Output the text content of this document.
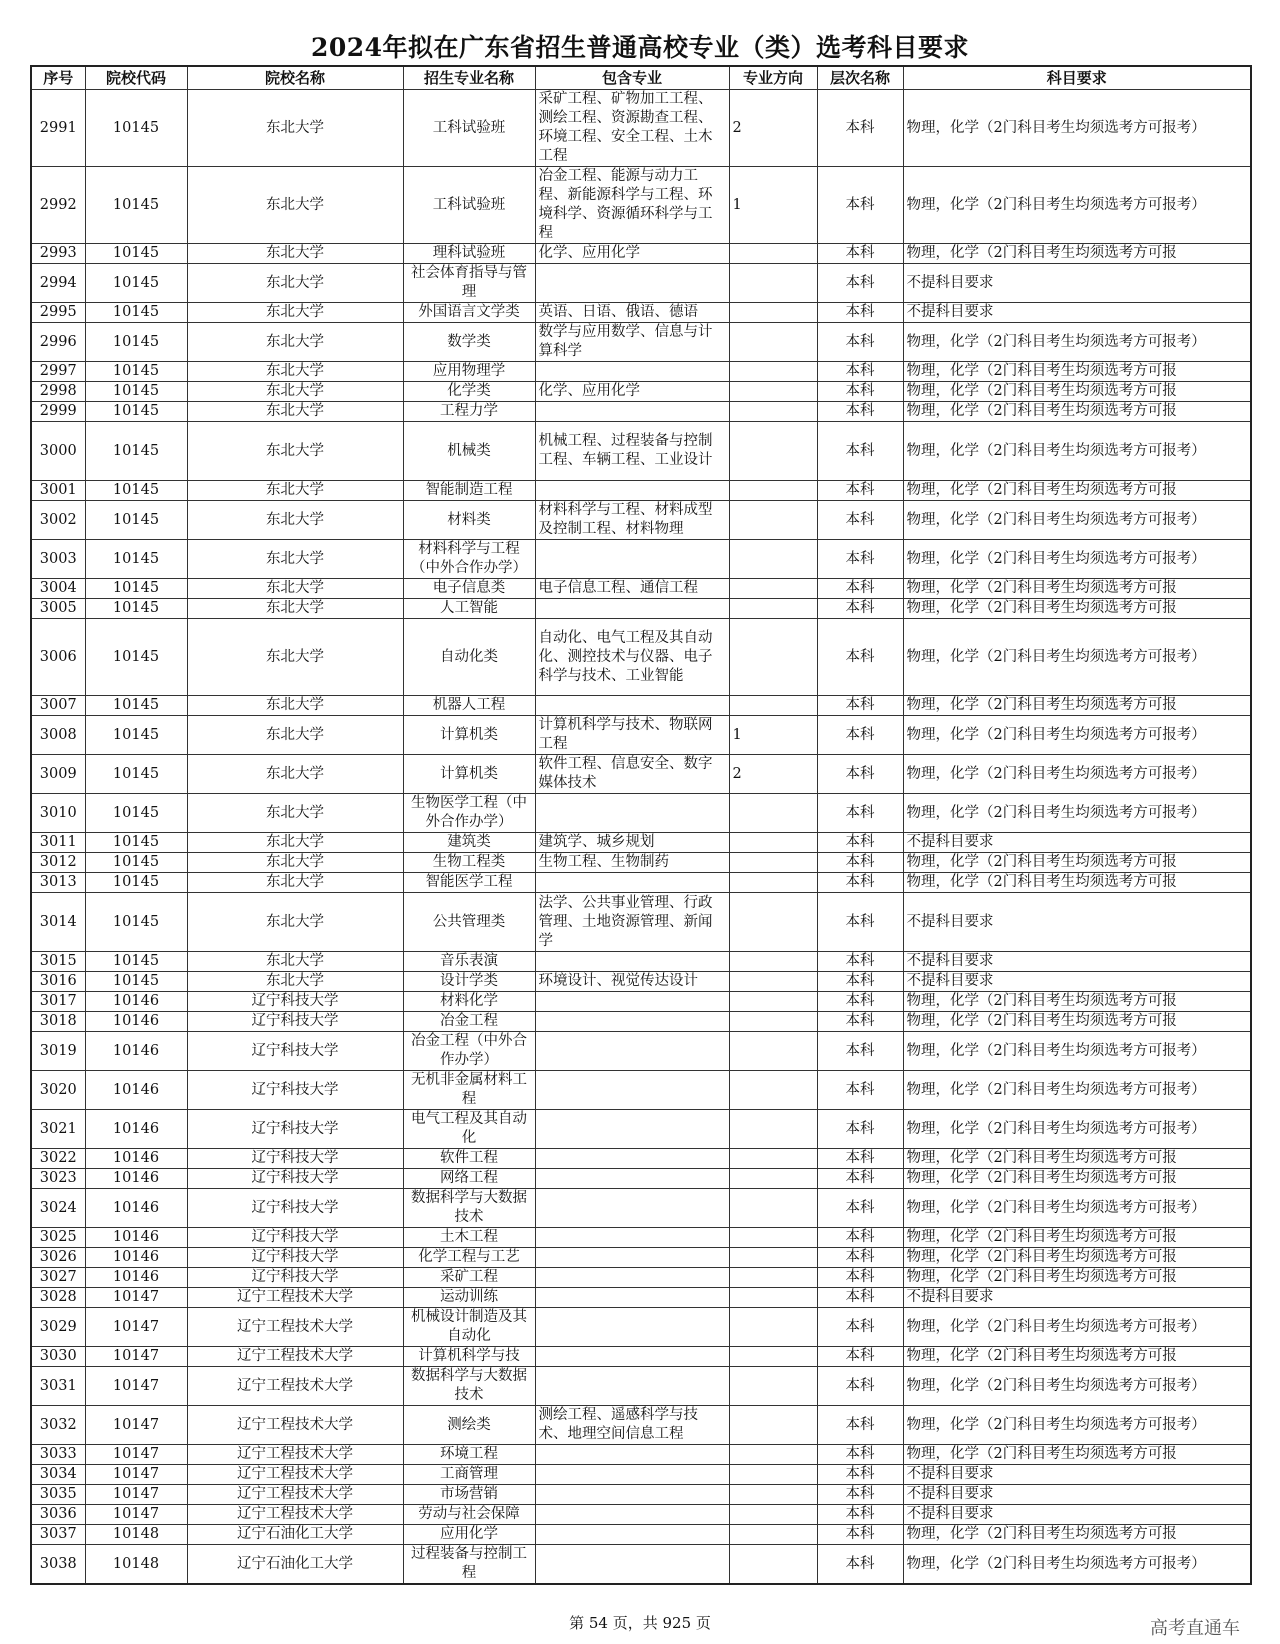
2024年拟在广东省招生普通高校专业（类）选考科目要求
序号	院校代码	院校名称	招生专业名称	包含专业	专业方向	层次名称	科目要求
2991	10145	东北大学	工科试验班	采矿工程、矿物加工工程、测绘工程、资源勘查工程、环境工程、安全工程、土木工程	2	本科	物理，化学（2门科目考生均须选考方可报考）
2992	10145	东北大学	工科试验班	冶金工程、能源与动力工程、新能源科学与工程、环境科学、资源循环科学与工程	1	本科	物理，化学（2门科目考生均须选考方可报考）
2993	10145	东北大学	理科试验班	化学、应用化学		本科	物理，化学（2门科目考生均须选考方可报
2994	10145	东北大学	社会体育指导与管理			本科	不提科目要求
2995	10145	东北大学	外国语言文学类	英语、日语、俄语、德语		本科	不提科目要求
2996	10145	东北大学	数学类	数学与应用数学、信息与计算科学		本科	物理，化学（2门科目考生均须选考方可报考）
2997	10145	东北大学	应用物理学			本科	物理，化学（2门科目考生均须选考方可报
2998	10145	东北大学	化学类	化学、应用化学		本科	物理，化学（2门科目考生均须选考方可报
2999	10145	东北大学	工程力学			本科	物理，化学（2门科目考生均须选考方可报
3000	10145	东北大学	机械类	机械工程、过程装备与控制工程、车辆工程、工业设计		本科	物理，化学（2门科目考生均须选考方可报考）
3001	10145	东北大学	智能制造工程			本科	物理，化学（2门科目考生均须选考方可报
3002	10145	东北大学	材料类	材料科学与工程、材料成型及控制工程、材料物理		本科	物理，化学（2门科目考生均须选考方可报考）
3003	10145	东北大学	材料科学与工程（中外合作办学）			本科	物理，化学（2门科目考生均须选考方可报考）
3004	10145	东北大学	电子信息类	电子信息工程、通信工程		本科	物理，化学（2门科目考生均须选考方可报
3005	10145	东北大学	人工智能			本科	物理，化学（2门科目考生均须选考方可报
3006	10145	东北大学	自动化类	自动化、电气工程及其自动化、测控技术与仪器、电子科学与技术、工业智能		本科	物理，化学（2门科目考生均须选考方可报考）
3007	10145	东北大学	机器人工程			本科	物理，化学（2门科目考生均须选考方可报
3008	10145	东北大学	计算机类	计算机科学与技术、物联网工程	1	本科	物理，化学（2门科目考生均须选考方可报考）
3009	10145	东北大学	计算机类	软件工程、信息安全、数字媒体技术	2	本科	物理，化学（2门科目考生均须选考方可报考）
3010	10145	东北大学	生物医学工程（中外合作办学）			本科	物理，化学（2门科目考生均须选考方可报考）
3011	10145	东北大学	建筑类	建筑学、城乡规划		本科	不提科目要求
3012	10145	东北大学	生物工程类	生物工程、生物制药		本科	物理，化学（2门科目考生均须选考方可报
3013	10145	东北大学	智能医学工程			本科	物理，化学（2门科目考生均须选考方可报
3014	10145	东北大学	公共管理类	法学、公共事业管理、行政管理、土地资源管理、新闻学		本科	不提科目要求
3015	10145	东北大学	音乐表演			本科	不提科目要求
3016	10145	东北大学	设计学类	环境设计、视觉传达设计		本科	不提科目要求
3017	10146	辽宁科技大学	材料化学			本科	物理，化学（2门科目考生均须选考方可报
3018	10146	辽宁科技大学	冶金工程			本科	物理，化学（2门科目考生均须选考方可报
3019	10146	辽宁科技大学	冶金工程（中外合作办学）			本科	物理，化学（2门科目考生均须选考方可报考）
3020	10146	辽宁科技大学	无机非金属材料工程			本科	物理，化学（2门科目考生均须选考方可报考）
3021	10146	辽宁科技大学	电气工程及其自动化			本科	物理，化学（2门科目考生均须选考方可报考）
3022	10146	辽宁科技大学	软件工程			本科	物理，化学（2门科目考生均须选考方可报
3023	10146	辽宁科技大学	网络工程			本科	物理，化学（2门科目考生均须选考方可报
3024	10146	辽宁科技大学	数据科学与大数据技术			本科	物理，化学（2门科目考生均须选考方可报考）
3025	10146	辽宁科技大学	土木工程			本科	物理，化学（2门科目考生均须选考方可报
3026	10146	辽宁科技大学	化学工程与工艺			本科	物理，化学（2门科目考生均须选考方可报
3027	10146	辽宁科技大学	采矿工程			本科	物理，化学（2门科目考生均须选考方可报
3028	10147	辽宁工程技术大学	运动训练			本科	不提科目要求
3029	10147	辽宁工程技术大学	机械设计制造及其自动化			本科	物理，化学（2门科目考生均须选考方可报考）
3030	10147	辽宁工程技术大学	计算机科学与技			本科	物理，化学（2门科目考生均须选考方可报
3031	10147	辽宁工程技术大学	数据科学与大数据技术			本科	物理，化学（2门科目考生均须选考方可报考）
3032	10147	辽宁工程技术大学	测绘类	测绘工程、遥感科学与技术、地理空间信息工程		本科	物理，化学（2门科目考生均须选考方可报考）
3033	10147	辽宁工程技术大学	环境工程			本科	物理，化学（2门科目考生均须选考方可报
3034	10147	辽宁工程技术大学	工商管理			本科	不提科目要求
3035	10147	辽宁工程技术大学	市场营销			本科	不提科目要求
3036	10147	辽宁工程技术大学	劳动与社会保障			本科	不提科目要求
3037	10148	辽宁石油化工大学	应用化学			本科	物理，化学（2门科目考生均须选考方可报
3038	10148	辽宁石油化工大学	过程装备与控制工程			本科	物理，化学（2门科目考生均须选考方可报考）
第 54 页，共 925 页	高考直通车
